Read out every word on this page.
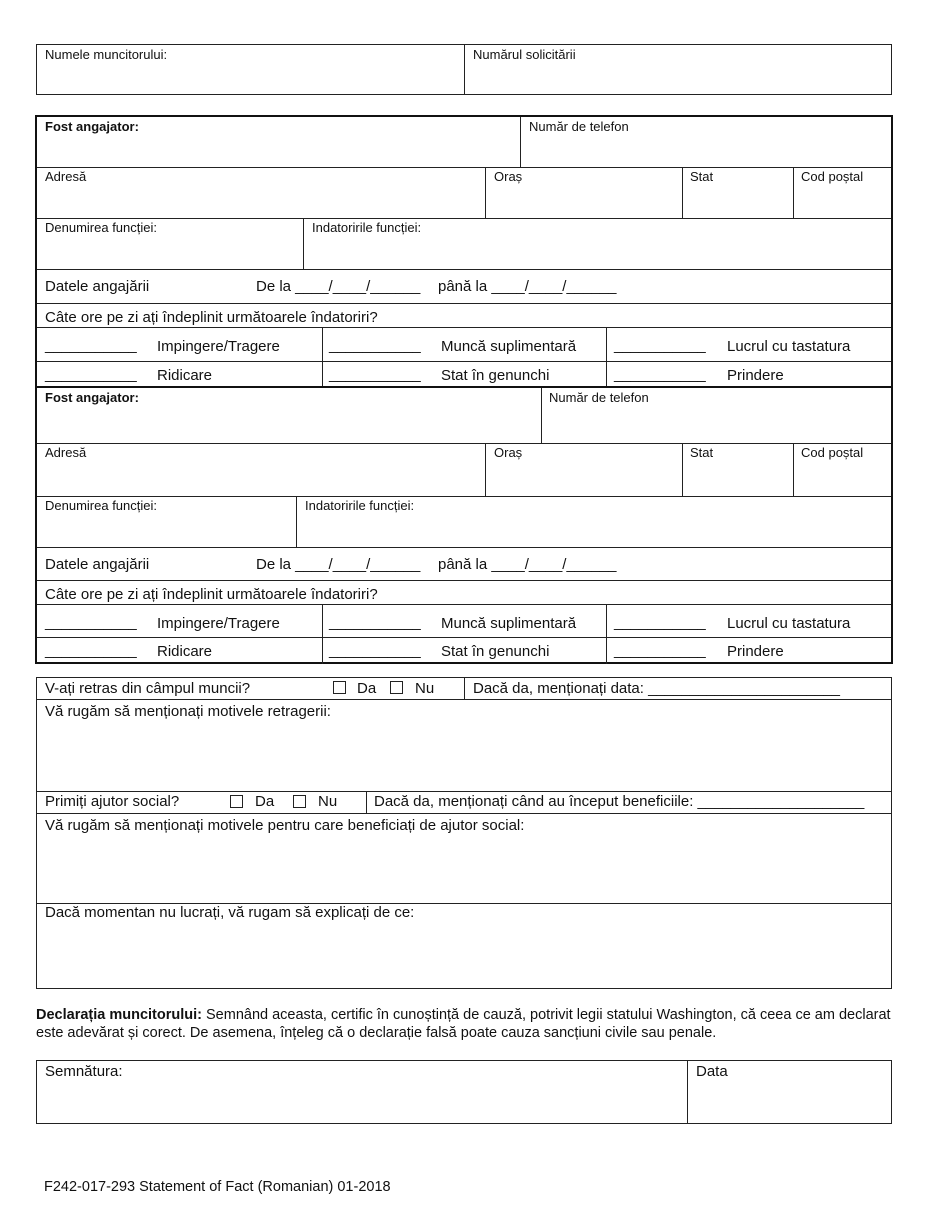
Numele muncitorului:	Numărul solicitării
Fost angajator:	Număr de telefon
Adresă	Oraș	Stat	Cod poștal
Denumirea funcției:	Indatoririle funcției:
Datele angajării	De la ____/____/______ până la ____/____/______
Câte ore pe zi ați îndeplinit următoarele îndatoriri?
___________ Impingere/Tragere	___________ Muncă suplimentară	___________ Lucrul cu tastatura
___________ Ridicare	___________ Stat în genunchi	___________ Prindere
Fost angajator:	Număr de telefon
Adresă	Oraș	Stat	Cod poștal
Denumirea funcției:	Indatoririle funcției:
Datele angajării	De la ____/____/______ până la ____/____/______
Câte ore pe zi ați îndeplinit următoarele îndatoriri?
___________ Impingere/Tragere	___________ Muncă suplimentară	___________ Lucrul cu tastatura
___________ Ridicare	___________ Stat în genunchi	___________ Prindere
V-ați retras din câmpul muncii?	Da	Nu	Dacă da, menționați data: _______________________
Vă rugăm să menționați motivele retragerii:
Primiți ajutor social?	Da	Nu Dacă da, menționați când au început beneficiile: ____________________
Vă rugăm să menționați motivele pentru care beneficiați de ajutor social:
Dacă momentan nu lucrați, vă rugam să explicați de ce:
Declarația muncitorului: Semnând aceasta, certific în cunoștință de cauză, potrivit legii statului Washington, că ceea ce am declarat este adevărat și corect. De asemena, înțeleg că o declarație falsă poate cauza sancțiuni civile sau penale.
Semnătura:	Data
F242-017-293 Statement of Fact (Romanian) 01-2018
